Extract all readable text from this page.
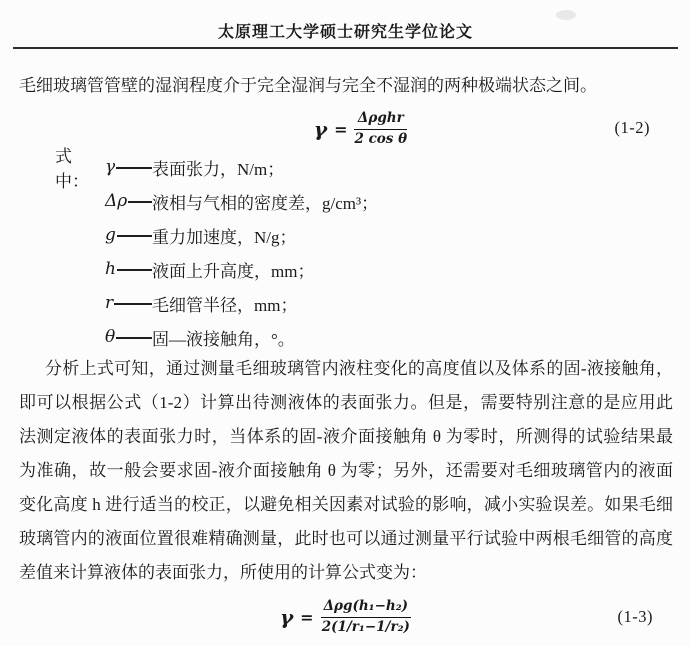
太原理工大学硕士研究生学位论文

毛细玻璃管管壁的湿润程度介于完全湿润与完全不湿润的两种极端状态之间。

$\gamma = \frac{\text{Δρghr}}{\text{2 cos θ}}$	(1-2)
式中：
γ 表面张力，N/m；
Δρ 液相与气相的密度差，g/cm³；
g 重力加速度，N/g；
h 液面上升高度，mm；
r 毛细管半径，mm；
θ 固—液接触角，°。
分析上式可知，通过测量毛细玻璃管内液柱变化的高度值以及体系的固-液接触角，
即可以根据公式（1-2）计算出待测液体的表面张力。但是，需要特别注意的是应用此
法测定液体的表面张力时，当体系的固-液介面接触角 θ 为零时，所测得的试验结果最
为准确，故一般会要求固-液介面接触角 θ 为零；另外，还需要对毛细玻璃管内的液面
变化高度 h 进行适当的校正，以避免相关因素对试验的影响，减小实验误差。如果毛细
玻璃管内的液面位置很难精确测量，此时也可以通过测量平行试验中两根毛细管的高度
差值来计算液体的表面张力，所使用的计算公式变为：
$\gamma = \frac{\text{Δρg(h₁−h₂)}}{\text{2(1/r₁−1/r₂)}}$	(1-3)
